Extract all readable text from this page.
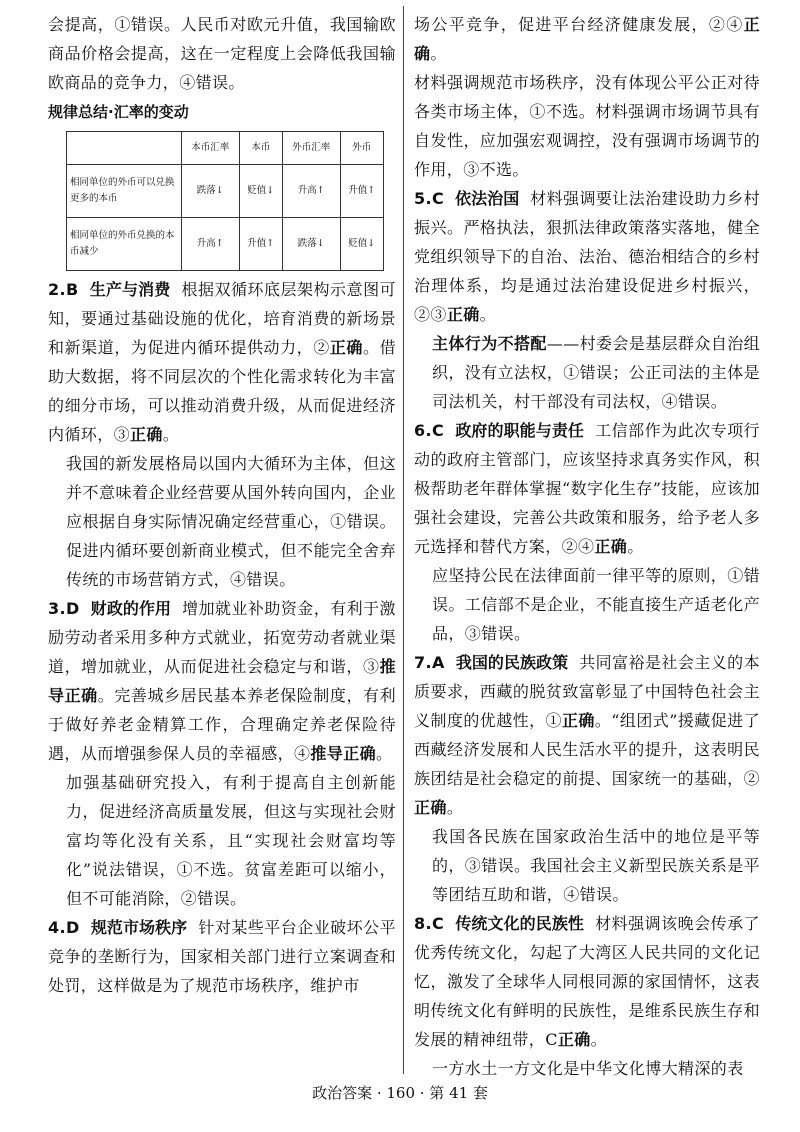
会提高，①错误。人民币对欧元升值，我国输欧商品价格会提高，这在一定程度上会降低我国输欧商品的竞争力，④错误。

规律总结·汇率的变动
	本币汇率	本币	外币汇率	外币
相同单位的外币可以兑换更多的本币	跌落↓	贬值↓	升高↑	升值↑
相同单位的外币兑换的本币减少	升高↑	升值↑	跌落↓	贬值↓

2.B 生产与消费 根据双循环底层架构示意图可知，要通过基础设施的优化，培育消费的新场景和新渠道，为促进内循环提供动力，②正确。借助大数据，将不同层次的个性化需求转化为丰富的细分市场，可以推动消费升级，从而促进经济内循环，③正确。

我国的新发展格局以国内大循环为主体，但这并不意味着企业经营要从国外转向国内，企业应根据自身实际情况确定经营重心，①错误。促进内循环要创新商业模式，但不能完全舍弃传统的市场营销方式，④错误。

3.D 财政的作用 增加就业补助资金，有利于激励劳动者采用多种方式就业，拓宽劳动者就业渠道，增加就业，从而促进社会稳定与和谐，③推导正确。完善城乡居民基本养老保险制度，有利于做好养老金精算工作，合理确定养老保险待遇，从而增强参保人员的幸福感，④推导正确。

加强基础研究投入，有利于提高自主创新能力，促进经济高质量发展，但这与实现社会财富均等化没有关系，且“实现社会财富均等化”说法错误，①不选。贫富差距可以缩小，但不可能消除，②错误。

4.D 规范市场秩序 针对某些平台企业破坏公平竞争的垄断行为，国家相关部门进行立案调查和处罚，这样做是为了规范市场秩序，维护市

场公平竞争，促进平台经济健康发展，②④正确。

材料强调规范市场秩序，没有体现公平公正对待各类市场主体，①不选。材料强调市场调节具有自发性，应加强宏观调控，没有强调市场调节的作用，③不选。

5.C 依法治国 材料强调要让法治建设助力乡村振兴。严格执法，狠抓法律政策落实落地，健全党组织领导下的自治、法治、德治相结合的乡村治理体系，均是通过法治建设促进乡村振兴，②③正确。

主体行为不搭配——村委会是基层群众自治组织，没有立法权，①错误；公正司法的主体是司法机关，村干部没有司法权，④错误。

6.C 政府的职能与责任 工信部作为此次专项行动的政府主管部门，应该坚持求真务实作风，积极帮助老年群体掌握“数字化生存”技能，应该加强社会建设，完善公共政策和服务，给予老人多元选择和替代方案，②④正确。

应坚持公民在法律面前一律平等的原则，①错误。工信部不是企业，不能直接生产适老化产品，③错误。

7.A 我国的民族政策 共同富裕是社会主义的本质要求，西藏的脱贫致富彰显了中国特色社会主义制度的优越性，①正确。“组团式”援藏促进了西藏经济发展和人民生活水平的提升，这表明民族团结是社会稳定的前提、国家统一的基础，②正确。

我国各民族在国家政治生活中的地位是平等的，③错误。我国社会主义新型民族关系是平等团结互助和谐，④错误。

8.C 传统文化的民族性 材料强调该晚会传承了优秀传统文化，勾起了大湾区人民共同的文化记忆，激发了全球华人同根同源的家国情怀，这表明传统文化有鲜明的民族性，是维系民族生存和发展的精神纽带，C正确。

一方水土一方文化是中华文化博大精深的表

政治答案 · 160 · 第 41 套
